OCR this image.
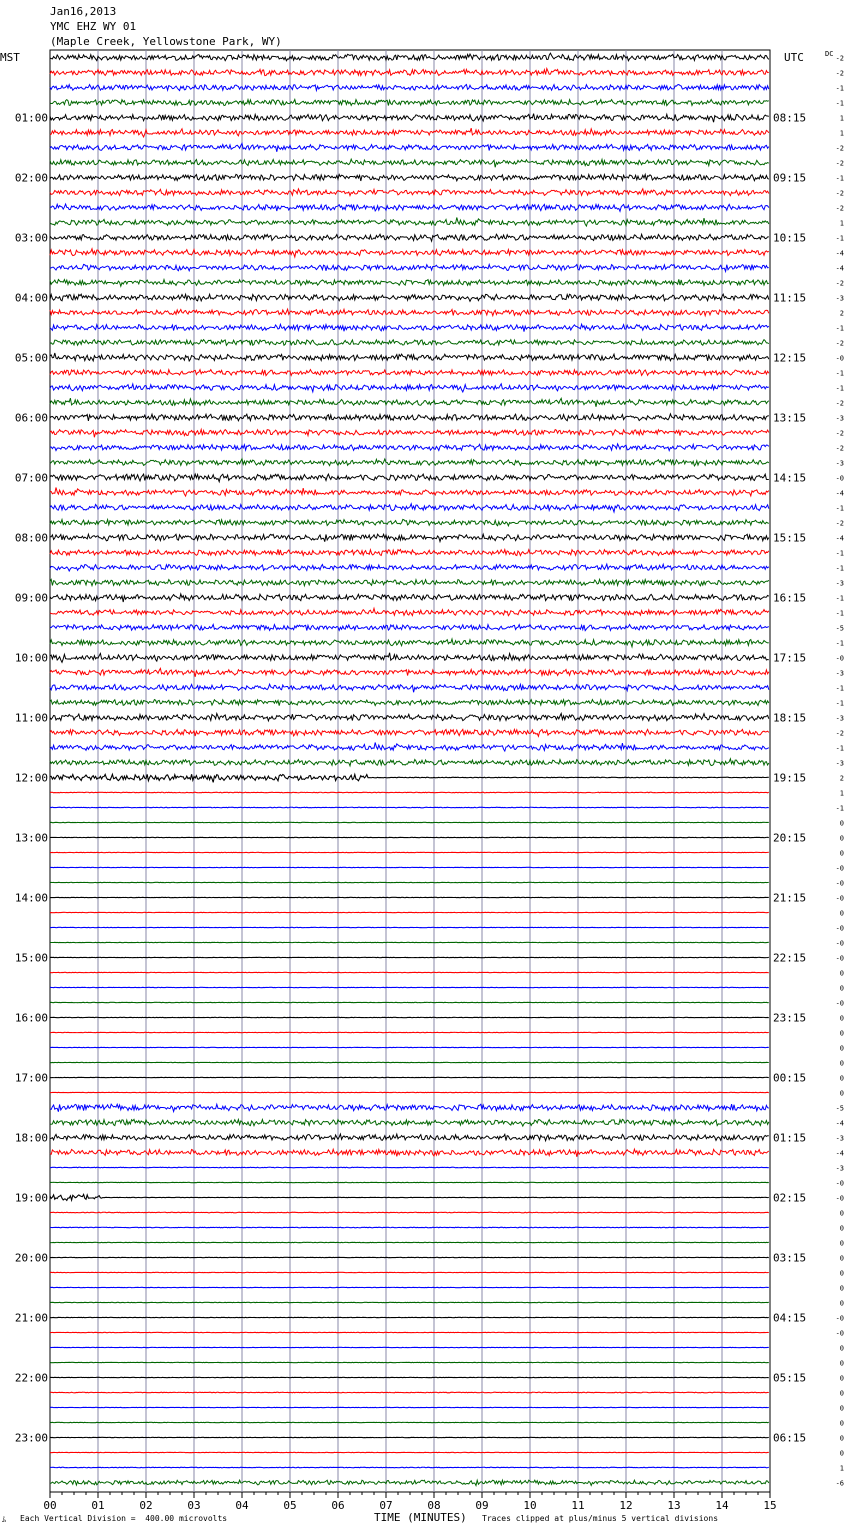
Jan16,2013
YMC EHZ WY 01
(Maple Creek, Yellowstone Park, WY)
01:00
02:00
03:00
04:00
05:00
06:00
07:00
08:00
09:00
10:00
11:00
12:00
13:00
14:00
15:00
16:00
17:00
18:00
19:00
20:00
21:00
22:00
23:00
08:15
09:15
10:15
11:15
12:15
13:15
14:15
15:15
16:15
17:15
18:15
19:15
20:15
21:15
22:15
23:15
00:15
01:15
02:15
03:15
04:15
05:15
06:15
MST	UTC	DC
-2
-2
-1
-1
1
1
-2
-2
-1
-2
-2
1
-1
-4
-4
-2
-3
2
-1
-2
-0
-1
-1
-2
-3
-2
-2
-3
-0
-4
-1
-2
-4
-1
-1
-3
-1
-1
-5
-1
-0
-3
-1
-1
-3
-2
-1
-3
2
1
-1
0
0
0
-0
-0
-0
0
-0
-0
-0
0
0
-0
0
0
0
0
0
0
-5
-4
-3
-4
-3
-0
-0
0
0
0
0
0
0
0
-0
-0
0
0
0
0
0
0
0
0
1
-6
00	01	02	03	04	05	06	07	08	09	10	11	12	13	14	15
ﾑ Each Vertical Division =  400.00 microvolts	TIME (MINUTES) Traces clipped at plus/minus 5 vertical divisions
